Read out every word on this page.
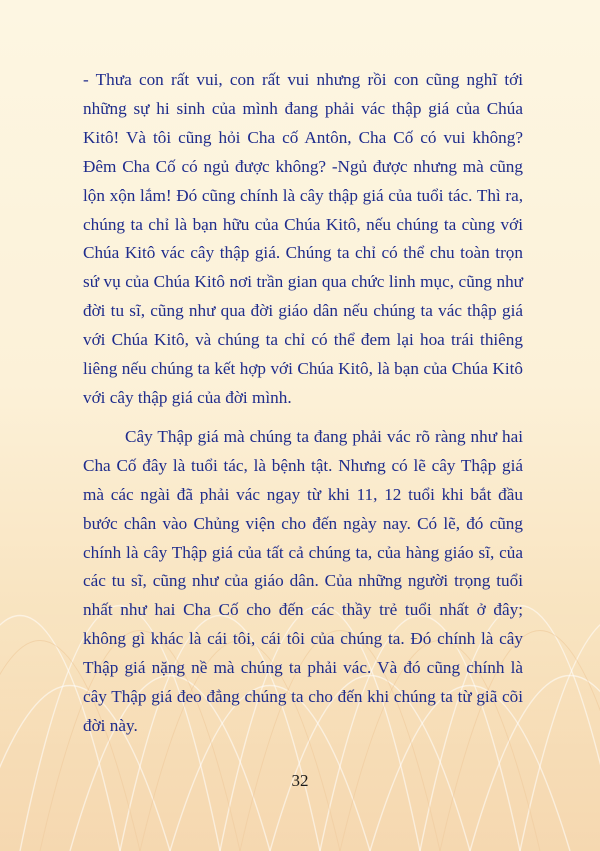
- Thưa con rất vui, con rất vui nhưng rồi con cũng nghĩ tới những sự hi sinh của mình đang phải vác thập giá của Chúa Kitô! Và tôi cũng hỏi Cha cố Antôn, Cha Cố có vui không? Đêm Cha Cố có ngủ được không? -Ngủ được nhưng mà cũng lộn xộn lắm! Đó cũng chính là cây thập giá của tuổi tác. Thì ra, chúng ta chỉ là bạn hữu của Chúa Kitô, nếu chúng ta cùng với Chúa Kitô vác cây thập giá. Chúng ta chỉ có thể chu toàn trọn sứ vụ của Chúa Kitô nơi trần gian qua chức linh mục, cũng như đời tu sĩ, cũng như qua đời giáo dân nếu chúng ta vác thập giá với Chúa Kitô, và chúng ta chỉ có thể đem lại hoa trái thiêng liêng nếu chúng ta kết hợp với Chúa Kitô, là bạn của Chúa Kitô với cây thập giá của đời mình.

Cây Thập giá mà chúng ta đang phải vác rõ ràng như hai Cha Cố đây là tuổi tác, là bệnh tật. Nhưng có lẽ cây Thập giá mà các ngài đã phải vác ngay từ khi 11, 12 tuổi khi bắt đầu bước chân vào Chủng viện cho đến ngày nay. Có lẽ, đó cũng chính là cây Thập giá của tất cả chúng ta, của hàng giáo sĩ, của các tu sĩ, cũng như của giáo dân. Của những người trọng tuổi nhất như hai Cha Cố cho đến các thầy trẻ tuổi nhất ở đây; không gì khác là cái tôi, cái tôi của chúng ta. Đó chính là cây Thập giá nặng nề mà chúng ta phải vác. Và đó cũng chính là cây Thập giá đeo đẳng chúng ta cho đến khi chúng ta từ giã cõi đời này.

32
